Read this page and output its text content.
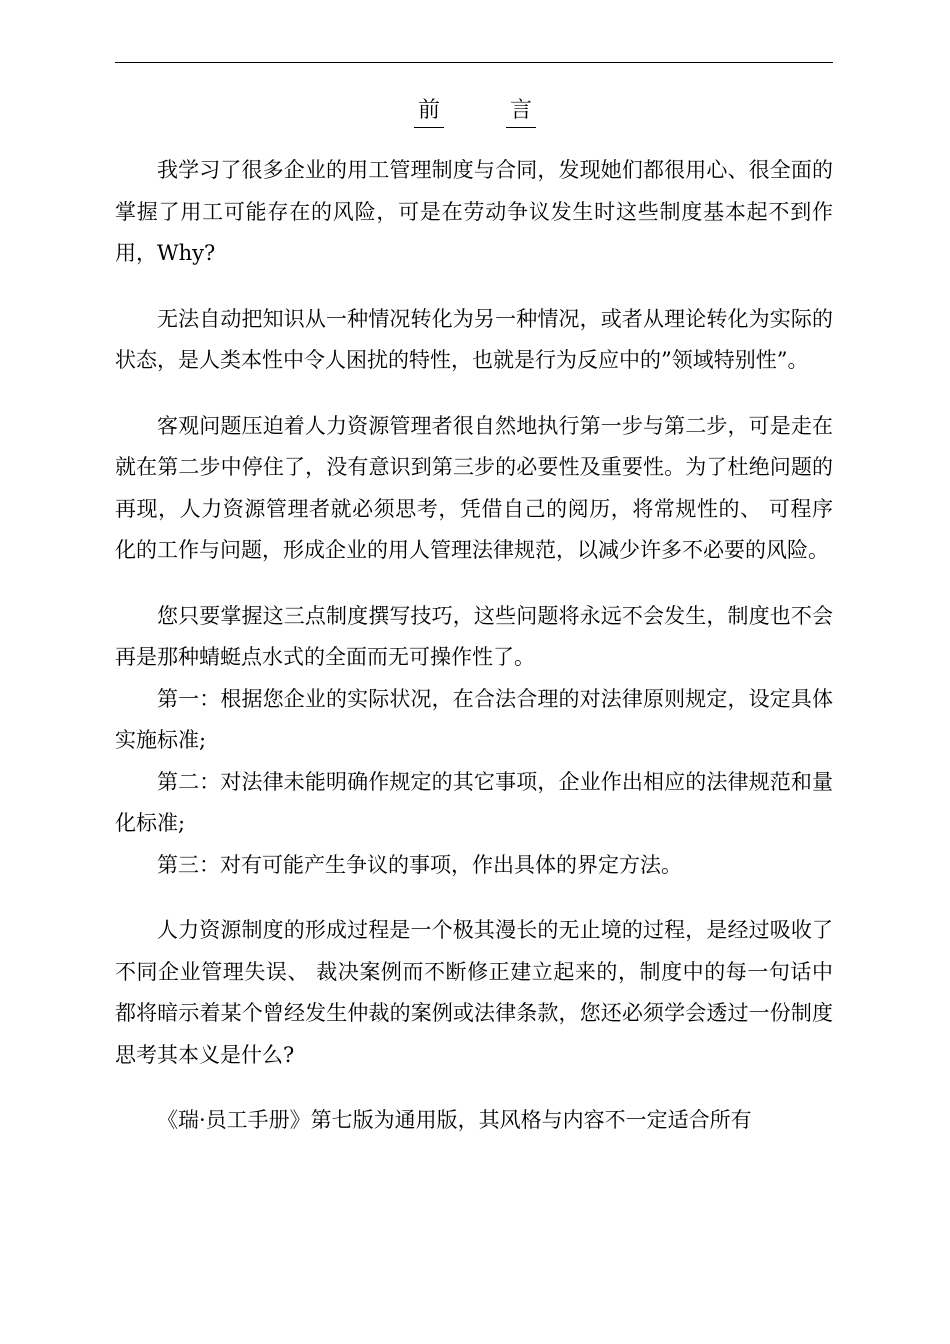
前	言

我学习了很多企业的用工管理制度与合同，发现她们都很用心、很全面的掌握了用工可能存在的风险，可是在劳动争议发生时这些制度基本起不到作用，Why?

无法自动把知识从一种情况转化为另一种情况，或者从理论转化为实际的状态，是人类本性中令人困扰的特性，也就是行为反应中的”领域特别性”。

客观问题压迫着人力资源管理者很自然地执行第一步与第二步，可是走在就在第二步中停住了，没有意识到第三步的必要性及重要性。为了杜绝问题的再现，人力资源管理者就必须思考，凭借自己的阅历，将常规性的、 可程序化的工作与问题，形成企业的用人管理法律规范，以减少许多不必要的风险。

您只要掌握这三点制度撰写技巧，这些问题将永远不会发生，制度也不会再是那种蜻蜓点水式的全面而无可操作性了。

第一：根据您企业的实际状况，在合法合理的对法律原则规定，设定具体实施标准;

第二：对法律未能明确作规定的其它事项，企业作出相应的法律规范和量化标准;

第三：对有可能产生争议的事项，作出具体的界定方法。

人力资源制度的形成过程是一个极其漫长的无止境的过程，是经过吸收了不同企业管理失误、 裁决案例而不断修正建立起来的，制度中的每一句话中都将暗示着某个曾经发生仲裁的案例或法律条款，您还必须学会透过一份制度思考其本义是什么?

《瑞·员工手册》第七版为通用版，其风格与内容不一定适合所有
